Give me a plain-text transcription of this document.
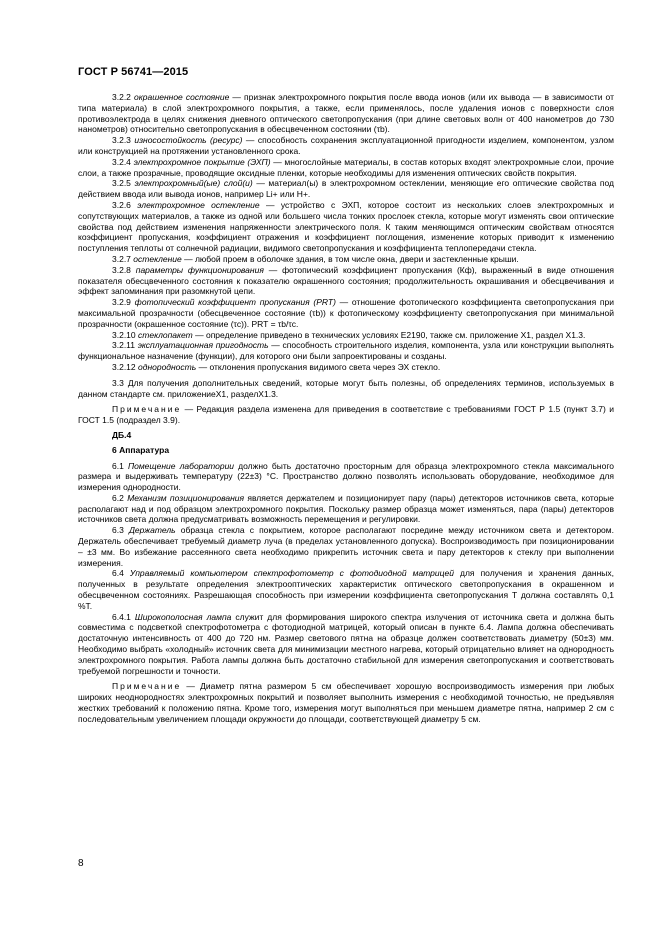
ГОСТ Р 56741—2015

3.2.2 окрашенное состояние — признак электрохромного покрытия после ввода ионов (или их вывода — в зависимости от типа материала) в слой электрохромного покрытия, а также, если применялось, после удаления ионов с поверхности слоя противоэлектрода в целях снижения дневного оптического светопропускания (при длине световых волн от 400 нанометров до 730 нанометров) относительно светопропускания в обесцвеченном состоянии (τb).

3.2.3 износостойкость (ресурс) — способность сохранения эксплуатационной пригодности изделием, компонентом, узлом или конструкцией на протяжении установленного срока.

3.2.4 электрохромное покрытие (ЭХП) — многослойные материалы, в состав которых входят электрохромные слои, прочие слои, а также прозрачные, проводящие оксидные пленки, которые необходимы для изменения оптических свойств покрытия.

3.2.5 электрохромный(ые) слой(и) — материал(ы) в электрохромном остеклении, меняющие его оптические свойства под действием ввода или вывода ионов, например Li+ или H+.

3.2.6 электрохромное остекление — устройство с ЭХП, которое состоит из нескольких слоев электрохромных и сопутствующих материалов, а также из одной или большего числа тонких прослоек стекла, которые могут изменять свои оптические свойства под действием изменения напряженности электрического поля. К таким меняющимся оптическим свойствам относятся коэффициент пропускания, коэффициент отражения и коэффициент поглощения, изменение которых приводит к изменению поступления теплоты от солнечной радиации, видимого светопропускания и коэффициента теплопередачи стекла.

3.2.7 остекление — любой проем в оболочке здания, в том числе окна, двери и застекленные крыши.

3.2.8 параметры функционирования — фотопический коэффициент пропускания (Кф), выраженный в виде отношения показателя обесцвеченного состояния к показателю окрашенного состояния; продолжительность окрашивания и обесцвечивания и эффект запоминания при разомкнутой цепи.

3.2.9 фотопический коэффициент пропускания (PRT) — отношение фотопического коэффициента светопропускания при максимальной прозрачности (обесцвеченное состояние (τb)) к фотопическому коэффициенту светопропускания при минимальной прозрачности (окрашенное состояние (τc)). PRT = τb/τc.

3.2.10 стеклопакет — определение приведено в технических условиях Е2190, также см. приложение Х1, раздел Х1.3.

3.2.11 эксплуатационная пригодность — способность строительного изделия, компонента, узла или конструкции выполнять функциональное назначение (функции), для которого они были запроектированы и созданы.

3.2.12 однородность — отклонения пропускания видимого света через ЭХ стекло.

3.3 Для получения дополнительных сведений, которые могут быть полезны, об определениях терминов, используемых в данном стандарте см. приложениеХ1, разделХ1.3.

Примечание — Редакция раздела изменена для приведения в соответствие с требованиями ГОСТ Р 1.5 (пункт 3.7) и ГОСТ 1.5 (подраздел 3.9).

ДБ.4

6 Аппаратура

6.1 Помещение лаборатории должно быть достаточно просторным для образца электрохромного стекла максимального размера и выдерживать температуру (22±3) °С. Пространство должно позволять использовать оборудование, необходимое для измерения однородности.

6.2 Механизм позиционирования является держателем и позиционирует пару (пары) детекторов источников света, которые располагают над и под образцом электрохромного покрытия. Поскольку размер образца может изменяться, пара (пары) детекторов источников света должна предусматривать возможность перемещения и регулировки.

6.3 Держатель образца стекла с покрытием, которое располагают посредине между источником света и детектором. Держатель обеспечивает требуемый диаметр луча (в пределах установленного допуска). Воспроизводимость при позиционировании – ±3 мм. Во избежание рассеянного света необходимо прикрепить источник света и пару детекторов к стеклу при выполнении измерения.

6.4 Управляемый компьютером спектрофотометр с фотодиодной матрицей для получения и хранения данных, полученных в результате определения электрооптических характеристик оптического светопропускания в окрашенном и обесцвеченном состояниях. Разрешающая способность при измерении коэффициента светопропускания T должна составлять 0,1 %T.

6.4.1 Широкополосная лампа служит для формирования широкого спектра излучения от источника света и должна быть совместима с подсветкой спектрофотометра с фотодиодной матрицей, который описан в пункте 6.4. Лампа должна обеспечивать достаточную интенсивность от 400 до 720 нм. Размер светового пятна на образце должен соответствовать диаметру (50±3) мм. Необходимо выбрать «холодный» источник света для минимизации местного нагрева, который отрицательно влияет на однородность электрохромного покрытия. Работа лампы должна быть достаточно стабильной для измерения светопропускания и соответствовать требуемой погрешности и точности.

Примечание — Диаметр пятна размером 5 см обеспечивает хорошую воспроизводимость измерения при любых широких неоднородностях электрохромных покрытий и позволяет выполнить измерения с необходимой точностью, не предъявляя жестких требований к положению пятна. Кроме того, измерения могут выполняться при меньшем диаметре пятна, например 2 см с последовательным увеличением площади окружности до площади, соответствующей диаметру 5 см.

8
